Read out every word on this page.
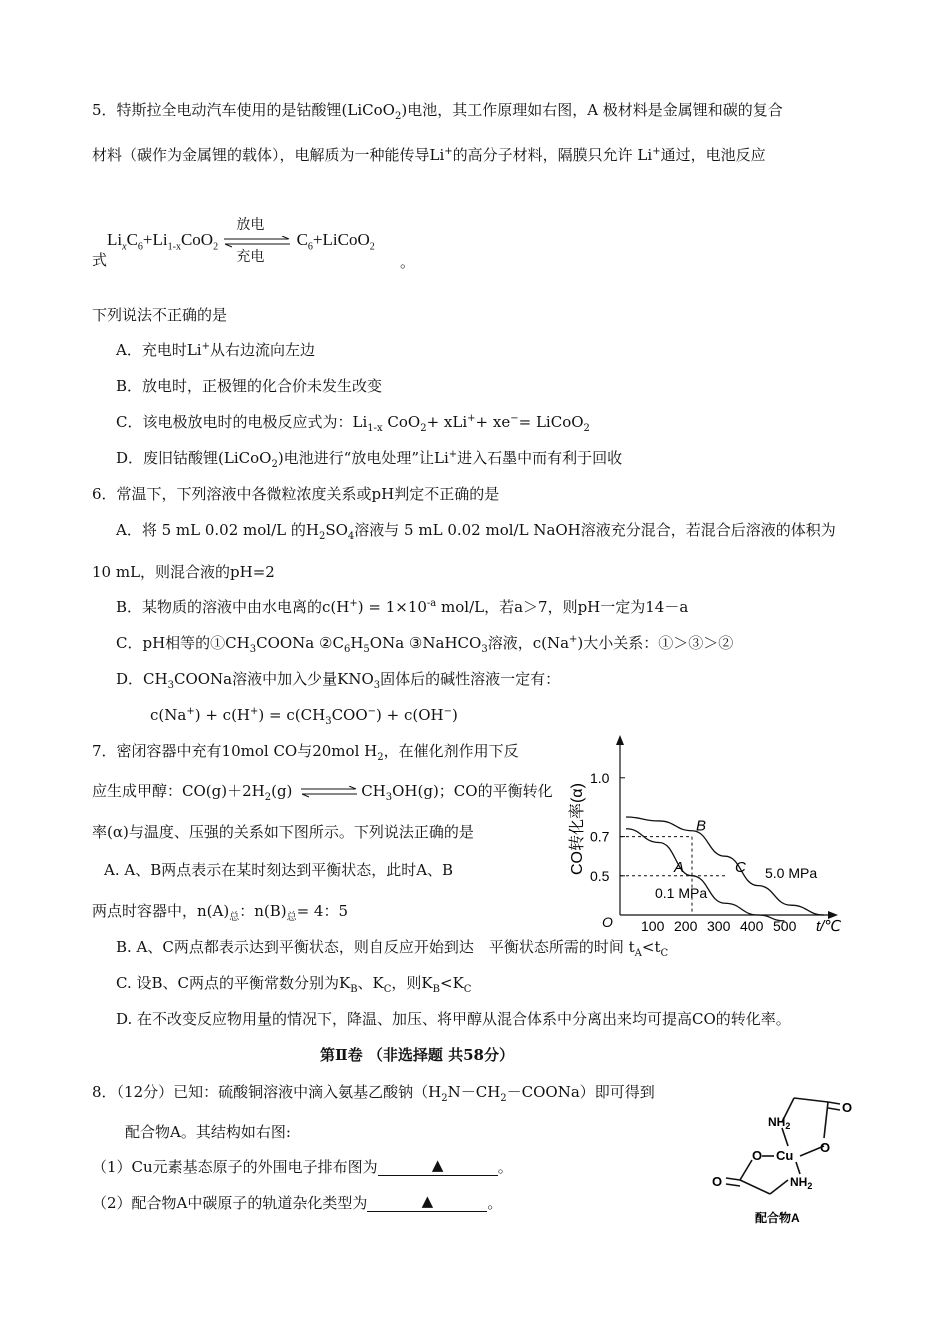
5．特斯拉全电动汽车使用的是钴酸锂(LiCoO$_2$)电池，其工作原理如右图，A 极材料是金属锂和碳的复合
材料（碳作为金属锂的载体），电解质为一种能传导Li+的高分子材料，隔膜只允许 Li+通过，电池反应
式
$Li_xC_6+Li_{1-x}CoO_2$
放电
充电
$C_6+LiCoO_2$
。
下列说法不正确的是
A．充电时Li+从右边流向左边
B．放电时，正极锂的化合价未发生改变
C．该电极放电时的电极反应式为：$Li_{1-x}$ CoO$_2$+ xLi++ xe−= LiCoO$_2$
D．废旧钴酸锂(LiCoO$_2$)电池进行“放电处理”让Li+进入石墨中而有利于回收
6．常温下，下列溶液中各微粒浓度关系或pH判定不正确的是
A．将 5 mL 0.02 mol/L 的$H_2SO_4$溶液与 5 mL 0.02 mol/L NaOH溶液充分混合，若混合后溶液的体积为
10 mL，则混合液的pH=2
B．某物质的溶液中由水电离的$c(H^+) = 1\times 10^{-a}$ mol/L，若a＞7，则pH一定为14－a
C．pH相等的$①CH_3COONa$ $②C_6H_5ONa$ ③NaHCO$_3$溶液，c(Na+)大小关系：①＞③＞②
D．$CH_3COONa$溶液中加入少量$KNO_3$固体后的碱性溶液一定有：
$c(Na^+) + c(H^+) = c(CH_3COO^-) + c(OH^-)$
7．密闭容器中充有10mol CO与20mol $H_2$，在催化剂作用下反
应生成甲醇：$CO(g)+2H_2(g)$ ⇌ $CH_3OH(g)$；CO的平衡转化
率(α)与温度、压强的关系如下图所示。下列说法正确的是
A. A、B两点表示在某时刻达到平衡状态，此时A、B
两点时容器中，$n(A)_总$：$n(B)_总= 4$：5
B. A、C两点都表示达到平衡状态，则自反应开始到达　平衡状态所需的时间 $t_A<t_C$
C. 设B、C两点的平衡常数分别为$K_B$、$K_C$，则$K_B<K_C$
D. 在不改变反应物用量的情况下，降温、加压、将甲醇从混合体系中分离出来均可提高CO的转化率。
100 200 300 400 500
0.5
0.7
1.0
0.1 MPa
5.0 MPa
B
A	C
CO转化率(α)
t/℃
O
第Ⅱ卷 （非选择题 共58分）
8．（12分）已知：硫酸铜溶液中滴入氨基乙酸钠$(H_2N-CH_2-COONa)$即可得到
配合物A。其结构如右图:
（1）Cu元素基态原子的外围电子排布图为	▲	。
（2）配合物A中碳原子的轨道杂化类型为	▲	。
$NH_2$
O
O
Cu
O
O	$NH_2$
配合物A
